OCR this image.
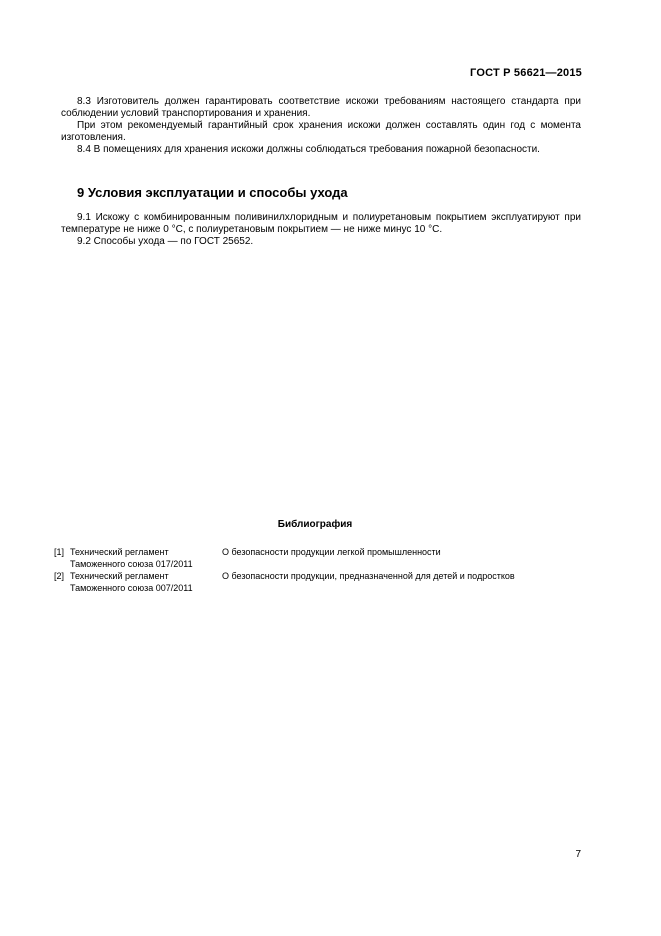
ГОСТ Р 56621—2015

8.3 Изготовитель должен гарантировать соответствие искожи требованиям настоящего стандарта при соблюдении условий транспортирования и хранения.

При этом рекомендуемый гарантийный срок хранения искожи должен составлять один год с момента изготовления.

8.4 В помещениях для хранения искожи должны соблюдаться требования пожарной безопасности.

9 Условия эксплуатации и способы ухода

9.1 Искожу с комбинированным поливинилхлоридным и полиуретановым покрытием эксплуатируют при температуре не ниже 0 °С, с полиуретановым покрытием — не ниже минус 10 °С.

9.2 Способы ухода — по ГОСТ 25652.

Библиография
[1] Технический регламент
Таможенного союза 017/2011
О безопасности продукции легкой промышленности
[2] Технический регламент
Таможенного союза 007/2011
О безопасности продукции, предназначенной для детей и подростков
7
